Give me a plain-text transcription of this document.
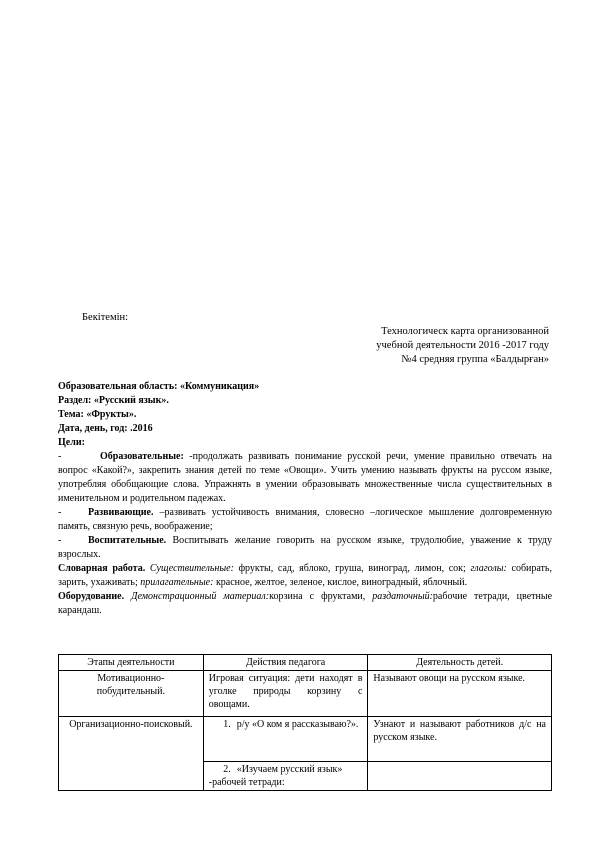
Бекітемін:
Технологическ карта организованной
учебной деятельности 2016 -2017 году
№4 средняя группа «Балдырған»

Образовательная область: «Коммуникация»

Раздел: «Русский язык».

Тема: «Фрукты».

Дата, день, год: .2016

Цели:

-	Образовательные: -продолжать развивать понимание русской речи, умение правильно отвечать на вопрос «Какой?», закрепить знания детей по теме «Овощи». Учить умению называть фрукты на руссом языке, употребляя обобщающие слова. Упражнять в умении образовывать множественные числа существительных в именительном и родительном падежах.

-	Развивающие. –развивать устойчивость внимания, словесно –логическое мышление долговременную память, связную речь, воображение;

-	Воспитательные. Воспитывать желание говорить на русском языке, трудолюбие, уважение к труду взрослых.

Словарная работа. Существительные: фрукты, сад, яблоко, груша, виноград, лимон, сок; глаголы: собирать, зарить, ухаживать; прилагательные: красное, желтое, зеленое, кислое, виноградный, яблочный.

Оборудование. Демонстрационный материал:корзина с фруктами, раздаточный:рабочие тетради, цветные карандаш.

Этапы деятельности	Действия педагога	Деятельность детей.
Мотивационно-побудительный.	Игровая ситуация: дети находят в уголке природы корзину с овощами.	Называют овощи на русском языке.
Организационно-поисковый.	1. р/у «О ком я рассказываю?».	Узнают и называют работников д/с на русском языке.
	2. «Изучаем русский язык» -рабочей тетради:	
